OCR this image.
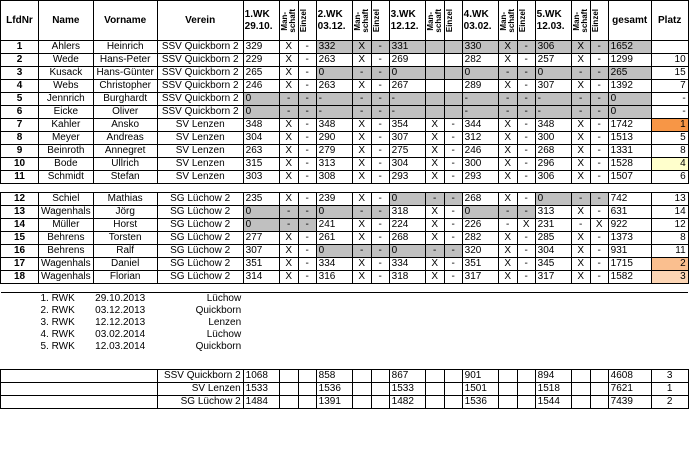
LfdNr	Name	Vorname	Verein	1.WK
29.10.	Man-
schaft	Einzel	2.WK
03.12.	Man-
schaft	Einzel	3.WK
12.12.	Man-
schaft	Einzel	4.WK
03.02.	Man-
schaft	Einzel	5.WK
12.03.	Man-
schaft	Einzel	gesamt	Platz
1	Ahlers	Heinrich	SSV Quickborn 2	329	X	-	332	X	-	331			330	X	-	306	X	-	1652	
2	Wede	Hans-Peter	SSV Quickborn 2	229	X	-	263	X	-	269			282	X	-	257	X	-	1299	10
3	Kusack	Hans-Günter	SSV Quickborn 2	265	X	-	0	-	-	0			0	-	-	0	-	-	265	15
4	Webs	Christopher	SSV Quickborn 2	246	X	-	263	X	-	267			289	X	-	307	X	-	1392	7
5	Jennrich	Burghardt	SSV Quickborn 2	0	-	-	-	-	-	-			-	-	-	-	-	-	0	-
6	Eicke	Oliver	SSV Quickborn 2	0	-	-	-	-	-	-			-	-	-	-	-	-	0	-
7	Kahler	Ansko	SV Lenzen	348	X	-	348	X	-	354	X	-	344	X	-	348	X	-	1742	1
8	Meyer	Andreas	SV Lenzen	304	X	-	290	X	-	307	X	-	312	X	-	300	X	-	1513	5
9	Beinroth	Annegret	SV Lenzen	263	X	-	279	X	-	275	X	-	246	X	-	268	X	-	1331	8
10	Bode	Ullrich	SV Lenzen	315	X	-	313	X	-	304	X	-	300	X	-	296	X	-	1528	4
11	Schmidt	Stefan	SV Lenzen	303	X	-	308	X	-	293	X	-	293	X	-	306	X	-	1507	6

12	Schiel	Mathias	SG Lüchow 2	235	X	-	239	X	-	0	-	-	268	X	-	0	-	-	742	13
13	Wagenhals	Jörg	SG Lüchow 2	0	-	-	0	-	-	318	X	-	0	-	-	313	X	-	631	14
14	Müller	Horst	SG Lüchow 2	0	-	-	241	X	-	224	X	-	226	-	X	231	-	X	922	12
15	Behrens	Torsten	SG Lüchow 2	277	X	-	261	X	-	268	X	-	282	X	-	285	X	-	1373	8
16	Behrens	Ralf	SG Lüchow 2	307	X	-	0	-	-	0	-	-	320	X	-	304	X	-	931	11
17	Wagenhals	Daniel	SG Lüchow 2	351	X	-	334	X	-	334	X	-	351	X	-	345	X	-	1715	2
18	Wagenhals	Florian	SG Lüchow 2	314	X	-	316	X	-	318	X	-	317	X	-	317	X	-	1582	3

	1. RWK	29.10.2013	Lüchow																	
	2. RWK	03.12.2013	Quickborn																	
	3. RWK	12.12.2013	Lenzen																	
	4. RWK	03.02.2014	Lüchow																	
	5. RWK	12.03.2014	Quickborn																	

			SSV Quickborn 2	1068			858			867			901			894			4608	3
			SV Lenzen	1533			1536			1533			1501			1518			7621	1
			SG Lüchow 2	1484			1391			1482			1536			1544			7439	2
